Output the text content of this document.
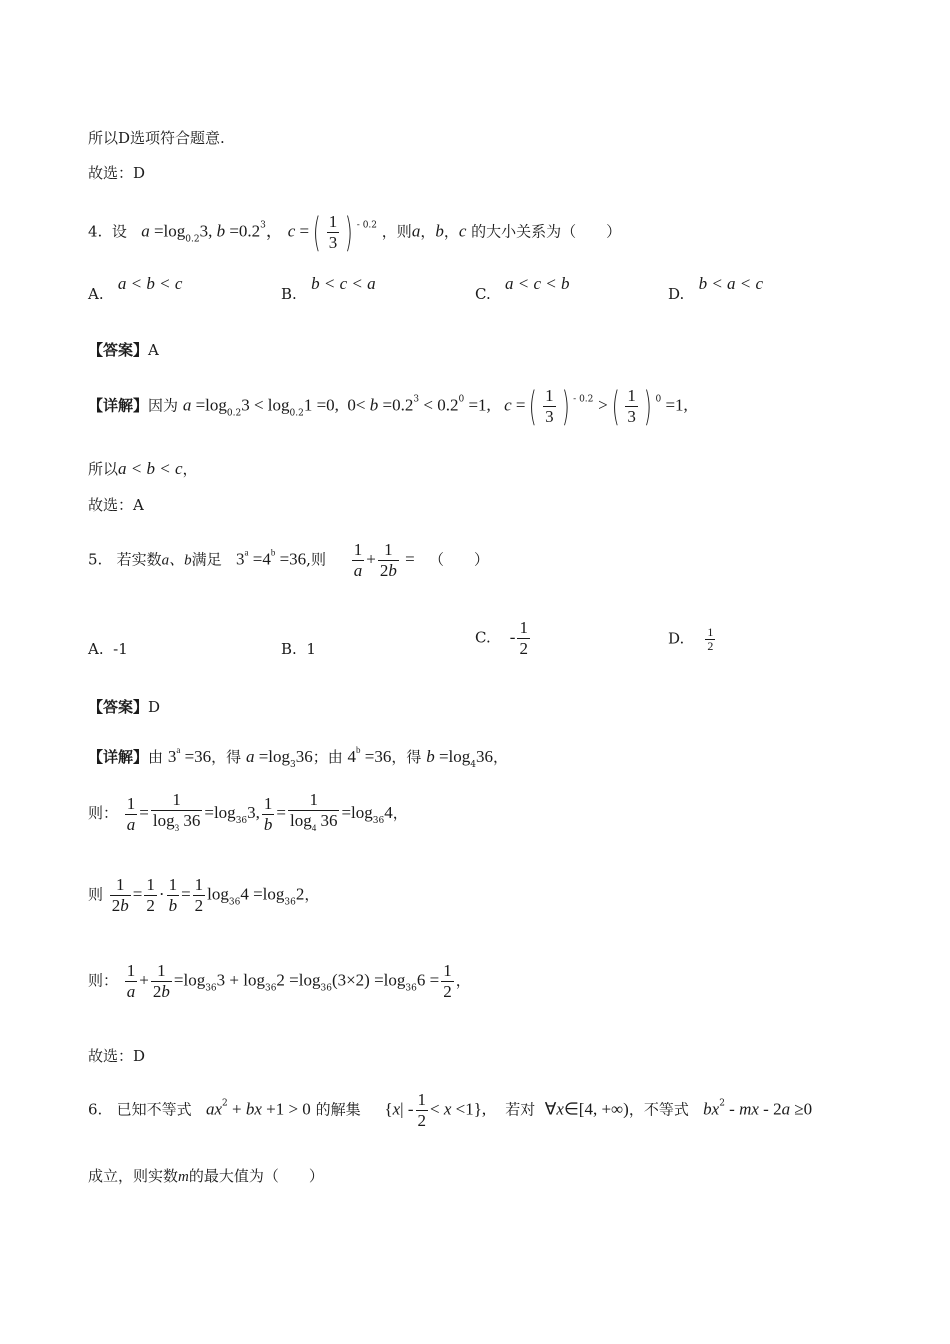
所以D选项符合题意.
故选：D
4. 设 $a =\log_{0.2}3$, $b =0.2^3$， c =( $\frac{1}{3}$ ) $^{- 0.2}$ ，则a，b，c 的大小关系为（　　）
A.   a < b < c
B.   b < c < a
C.   a < c < b
D.   b < a < c
【答案】A
【详解】因为 $a =\log_{0.2}3 < \log_{0.2}1 =0$,  $0< b =0.2^3 < 0.2^0 =1$,   c =( $\frac{1}{3}$ ) $^{- 0.2}$ >( $\frac{1}{3}$ ) $^0$ =1,
所以a < b < c，
故选：A
5. 若实数a、b满足 $3^a =4^b =36$,则 $\frac{1}{a} + \frac{1}{2b}$ = （　　）
A. -1	B. 1
C. - $\frac{1}{2}$	D. $\frac{1}{2}$
【答案】D
【详解】由 $3^a =36$，得 $a =\log_336$；由 $4^b =36$，得 $b =\log_436$，
则： $\frac{1}{a} = \frac{1}{\log_3 36} =\log_{36}3$, $\frac{1}{b} = \frac{1}{\log_4 36} =\log_{36}4$，
则 $\frac{1}{2b} = \frac{1}{2} \cdot \frac{1}{b} = \frac{1}{2} \log_{36}4 =\log_{36}2$，
则： $\frac{1}{a} + \frac{1}{2b} =\log_{36}3 + \log_{36}2 =\log_{36}(3\times 2) =\log_{36}6 = \frac{1}{2}$ ，
故选：D
6. 已知不等式 $ax^2$ + bx +1 > 0 的解集 $\{x| - \frac{1}{2} < x <1\}$, 若对 ∀x∈[4, +∞)，不等式 $bx^2$ - mx - 2a ≥0
成立，则实数m的最大值为（　　）
